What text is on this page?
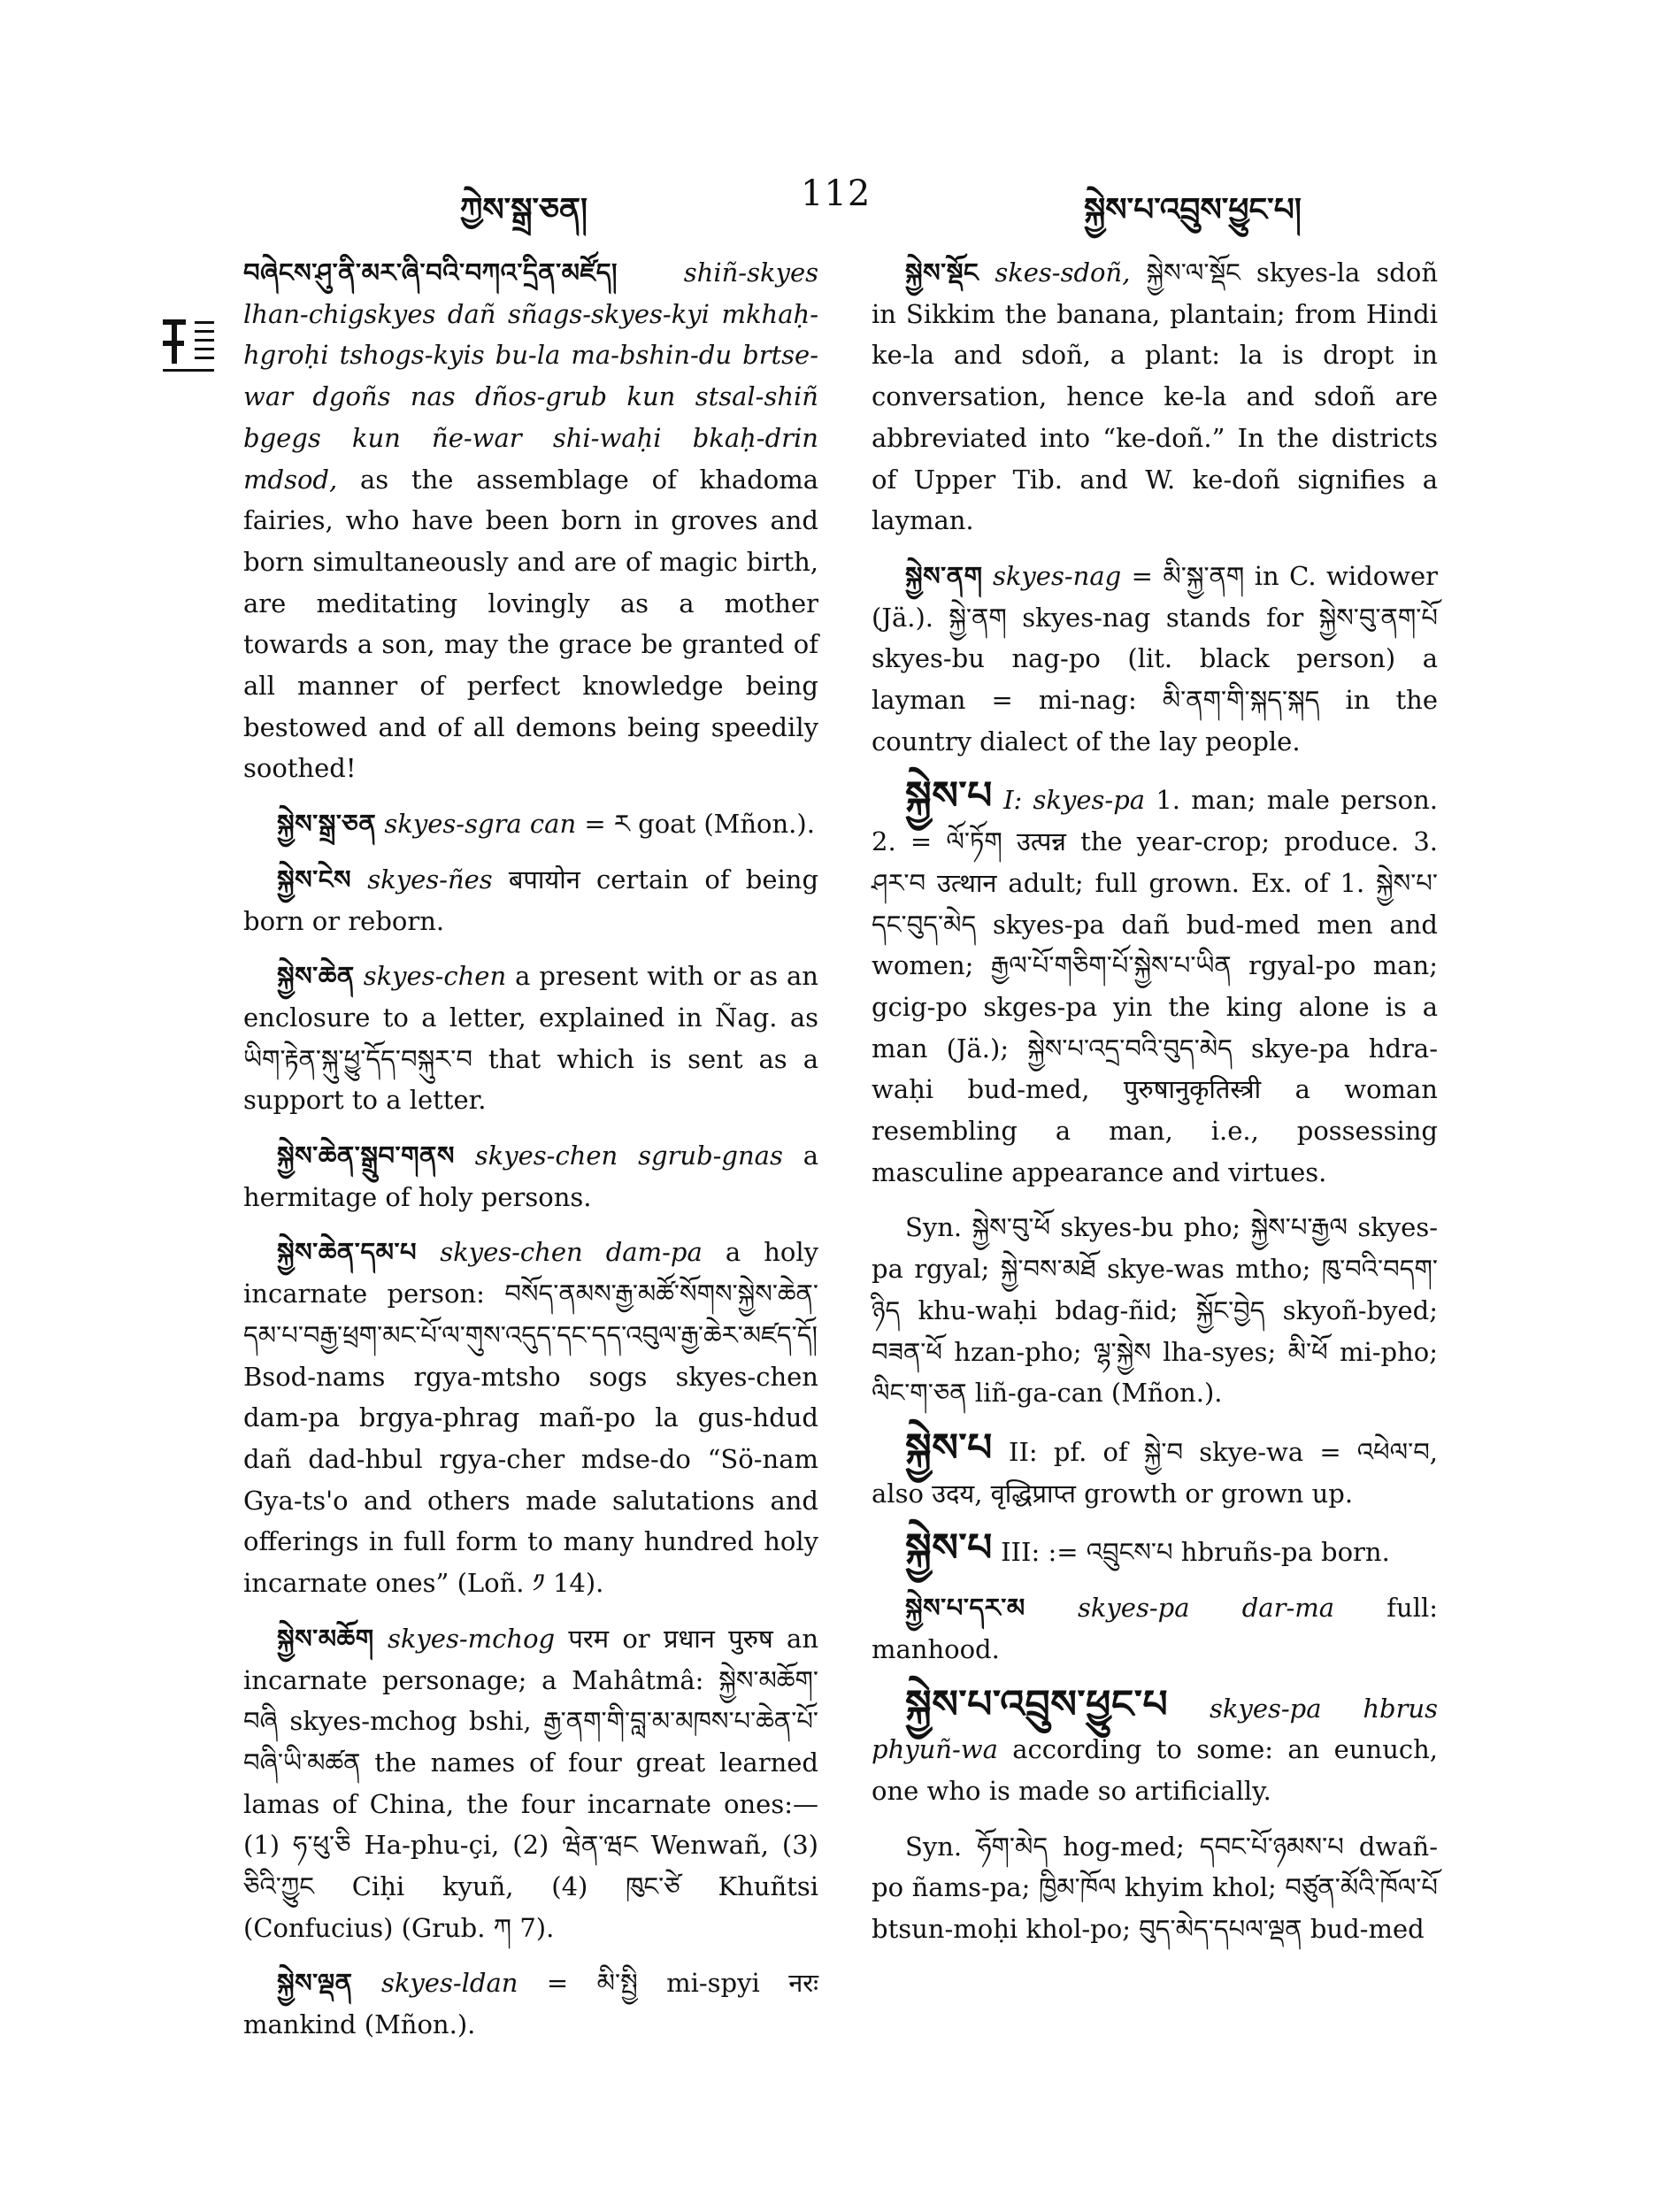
ཀྱེས་སྒྲ་ཅན།	112	སྐྱེས་པ་འབྲུས་ཕྱུང་པ།

བཞེངས་ཤུ་ནི་མར་ཞི་བའི་བཀའ་དྲིན་མཛོད།	shiñ-skyes lhan-chigskyes dañ sñags-skyes-kyi mkhaḥ-hgroḥi tshogs-kyis bu-la ma-bshin-du brtse-war dgoñs nas dños-grub kun stsal-shiñ bgegs kun ñe-war shi-waḥi bkaḥ-drin mdsod, as the assemblage of khadoma fairies, who have been born in groves and born simultaneously and are of magic birth, are meditating lovingly as a mother towards a son, may the grace be granted of all manner of perfect knowledge being bestowed and of all demons being speedily soothed!

སྐྱེས་སྒྲ་ཅན skyes-sgra can = ར goat (Mñon.).

སྐྱེས་ངེས skyes-ñes बपायोन certain of being born or reborn.

སྐྱེས་ཆེན skyes-chen a present with or as an enclosure to a letter, explained in Ñag. as ཡིག་རྟེན་སྐུ་ཕྱུ་དོད་བསྐུར་བ that which is sent as a support to a letter.

སྐྱེས་ཆེན་སྒྲུབ་གནས skyes-chen sgrub-gnas a hermitage of holy persons.

སྐྱེས་ཆེན་དམ་པ skyes-chen dam-pa a holy incarnate person: བསོད་ནམས་རྒྱ་མཚོ་སོགས་སྐྱེས་ཆེན་དམ་པ་བརྒྱ་ཕྲག་མང་པོ་ལ་གུས་འདུད་དང་དད་འབུལ་རྒྱ་ཆེར་མཛད་དོ། Bsod-nams rgya-mtsho sogs skyes-chen dam-pa brgya-phrag mañ-po la gus-hdud dañ dad-hbul rgya-cher mdse-do “Sö-nam Gya-ts'o and others made salutations and offerings in full form to many hundred holy incarnate ones” (Loñ. ༡ 14).

སྐྱེས་མཆོག skyes-mchog परम or प्रधान पुरुष an incarnate personage; a Mahâtmâ: སྐྱེས་མཆོག་བཞི skyes-mchog bshi, རྒྱ་ནག་གི་བླ་མ་མཁས་པ་ཆེན་པོ་བཞི་ཡི་མཚན the names of four great learned lamas of China, the four incarnate ones:—(1) ཧ་ཕུ་ཅི Ha-phu-çi, (2) ཝེན་ཝང Wenwañ, (3) ཅིའི་ཀྱུང Ciḥi kyuñ, (4) ཁུང་ཙེ Khuñtsi (Confucius) (Grub. ཀ 7).

སྐྱེས་ལྡན skyes-ldan = མི་སྤྱི mi-spyi नरः mankind (Mñon.).

སྐྱེས་སྡོང skes-sdoñ, སྐྱེས་ལ་སྡོང skyes-la sdoñ in Sikkim the banana, plantain; from Hindi ke-la and sdoñ, a plant: la is dropt in conversation, hence ke-la and sdoñ are abbreviated into “ke-doñ.” In the districts of Upper Tib. and W. ke-doñ signifies a layman.

སྐྱེས་ནག skyes-nag = མི་སྐྱ་ནག in C. widower (Jä.). སྐྱེ་ནག skyes-nag stands for སྐྱེས་བུ་ནག་པོ skyes-bu nag-po (lit. black person) a layman = mi-nag: མི་ནག་གི་སྐད་སྐད in the country dialect of the lay people.

སྐྱེས་པ I: skyes-pa 1. man; male person. 2. = ལོ་ཏོག उत्पन्न the year-crop; produce. 3. ཤར་བ उत्थान adult; full grown. Ex. of 1. སྐྱེས་པ་དང་བུད་མེད skyes-pa dañ bud-med men and women; རྒྱལ་པོ་གཅིག་པོ་སྐྱེས་པ་ཡིན rgyal-po man; gcig-po skges-pa yin the king alone is a man (Jä.); སྐྱེས་པ་འདྲ་བའི་བུད་མེད skye-pa hdra-waḥi bud-med, पुरुषानुकृतिस्त्री a woman resembling a man, i.e., possessing masculine appearance and virtues.

Syn. སྐྱེས་བུ་ཕོ skyes-bu pho; སྐྱེས་པ་རྒྱལ skyes-pa rgyal; སྐྱེ་བས་མཐོ skye-was mtho; ཁུ་བའི་བདག་ཉིད khu-waḥi bdag-ñid; སྐྱོང་བྱེད skyoñ-byed; བཟན་ཕོ hzan-pho; ལྷ་སྐྱེས lha-syes; མི་ཕོ mi-pho; ལིང་ག་ཅན liñ-ga-can (Mñon.).

སྐྱེས་པ II: pf. of སྐྱེ་བ skye-wa = འཕེལ་བ, also उदय, वृद्धिप्राप्त growth or grown up.

སྐྱེས་པ III: := འབྲུངས་པ hbruñs-pa born.

སྐྱེས་པ་དར་མ skyes-pa dar-ma full: manhood.

སྐྱེས་པ་འབྲུས་ཕྱུང་པ skyes-pa hbrus phyuñ-wa according to some: an eunuch, one who is made so artificially.

Syn. ཧོག་མེད hog-med; དབང་པོ་ཉམས་པ dwañ-po ñams-pa; ཁྱིམ་ཁོལ khyim khol; བཙུན་མོའི་ཁོལ་པོ btsun-moḥi khol-po; བུད་མེད་དཔལ་ལྡན bud-med
